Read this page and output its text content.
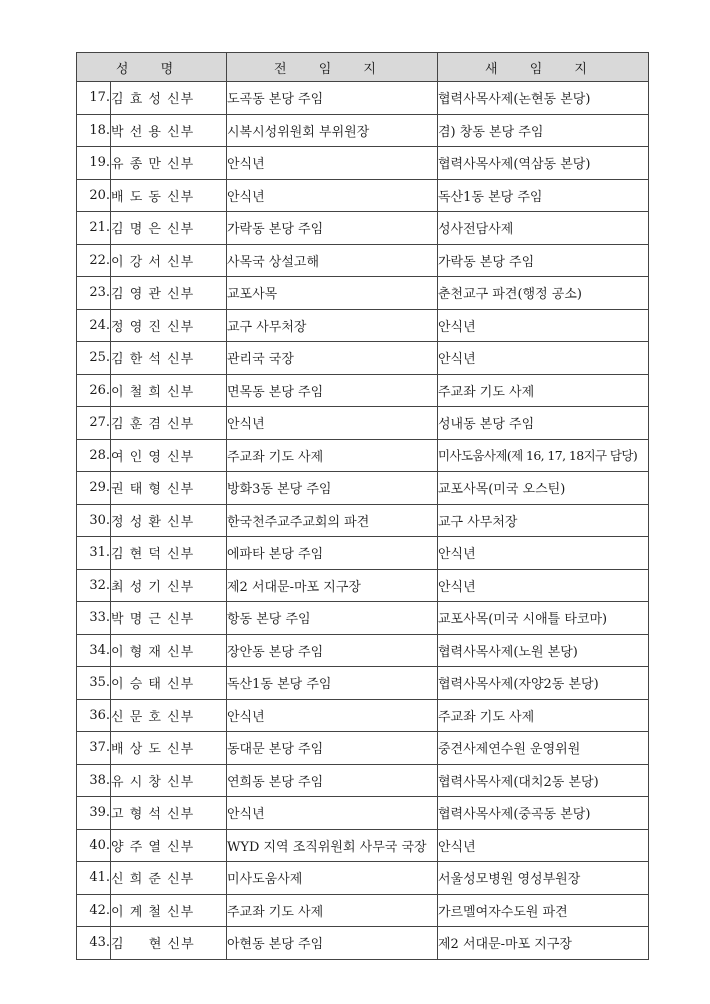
성 명		전 임 지	새 임 지
17.	김 효 성 신부	도곡동 본당 주임	협력사목사제(논현동 본당)
18.	박 선 용 신부	시복시성위원회 부위원장	겸) 창동 본당 주임
19.	유 종 만 신부	안식년	협력사목사제(역삼동 본당)
20.	배 도 동 신부	안식년	독산1동 본당 주임
21.	김 명 은 신부	가락동 본당 주임	성사전담사제
22.	이 강 서 신부	사목국 상설고해	가락동 본당 주임
23.	김 영 관 신부	교포사목	춘천교구 파견(행정 공소)
24.	정 영 진 신부	교구 사무처장	안식년
25.	김 한 석 신부	관리국 국장	안식년
26.	이 철 희 신부	면목동 본당 주임	주교좌 기도 사제
27.	김 훈 겸 신부	안식년	성내동 본당 주임
28.	여 인 영 신부	주교좌 기도 사제	미사도움사제(제 16, 17, 18지구 담당)
29.	권 태 형 신부	방화3동 본당 주임	교포사목(미국 오스틴)
30.	정 성 환 신부	한국천주교주교회의 파견	교구 사무처장
31.	김 현 덕 신부	에파타 본당 주임	안식년
32.	최 성 기 신부	제2 서대문-마포 지구장	안식년
33.	박 명 근 신부	항동 본당 주임	교포사목(미국 시애틀 타코마)
34.	이 형 재 신부	장안동 본당 주임	협력사목사제(노원 본당)
35.	이 승 태 신부	독산1동 본당 주임	협력사목사제(자양2동 본당)
36.	신 문 호 신부	안식년	주교좌 기도 사제
37.	배 상 도 신부	동대문 본당 주임	중견사제연수원 운영위원
38.	유 시 창 신부	연희동 본당 주임	협력사목사제(대치2동 본당)
39.	고 형 석 신부	안식년	협력사목사제(중곡동 본당)
40.	양 주 열 신부	WYD 지역 조직위원회 사무국 국장	안식년
41.	신 희 준 신부	미사도움사제	서울성모병원 영성부원장
42.	이 계 철 신부	주교좌 기도 사제	가르멜여자수도원 파견
43.	김 　 현 신부	아현동 본당 주임	제2 서대문-마포 지구장
